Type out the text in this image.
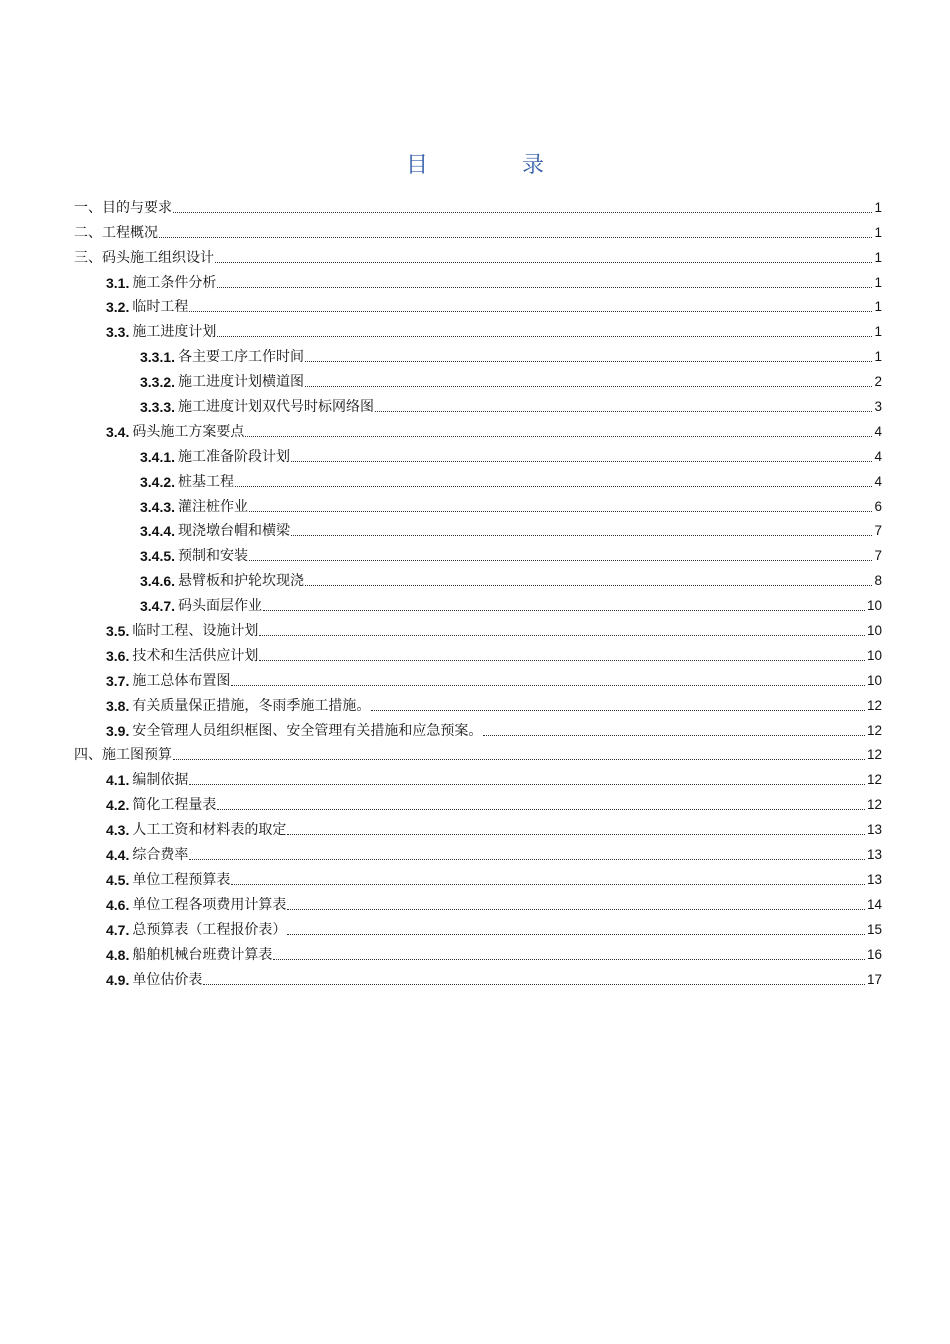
目　录
一、目的与要求	1
二、工程概况	1
三、码头施工组织设计	1
3.1. 施工条件分析	1
3.2. 临时工程	1
3.3. 施工进度计划	1
3.3.1. 各主要工序工作时间	1
3.3.2. 施工进度计划横道图	2
3.3.3. 施工进度计划双代号时标网络图	3
3.4. 码头施工方案要点	4
3.4.1. 施工准备阶段计划	4
3.4.2. 桩基工程	4
3.4.3. 灌注桩作业	6
3.4.4. 现浇墩台帽和横梁	7
3.4.5. 预制和安装	7
3.4.6. 悬臂板和护轮坎现浇	8
3.4.7. 码头面层作业	10
3.5. 临时工程、设施计划	10
3.6. 技术和生活供应计划	10
3.7. 施工总体布置图	10
3.8. 有关质量保正措施，冬雨季施工措施。	12
3.9. 安全管理人员组织框图、安全管理有关措施和应急预案。	12
四、施工图预算	12
4.1. 编制依据	12
4.2. 简化工程量表	12
4.3. 人工工资和材料表的取定	13
4.4. 综合费率	13
4.5. 单位工程预算表	13
4.6. 单位工程各项费用计算表	14
4.7. 总预算表（工程报价表）	15
4.8. 船舶机械台班费计算表	16
4.9. 单位估价表	17
